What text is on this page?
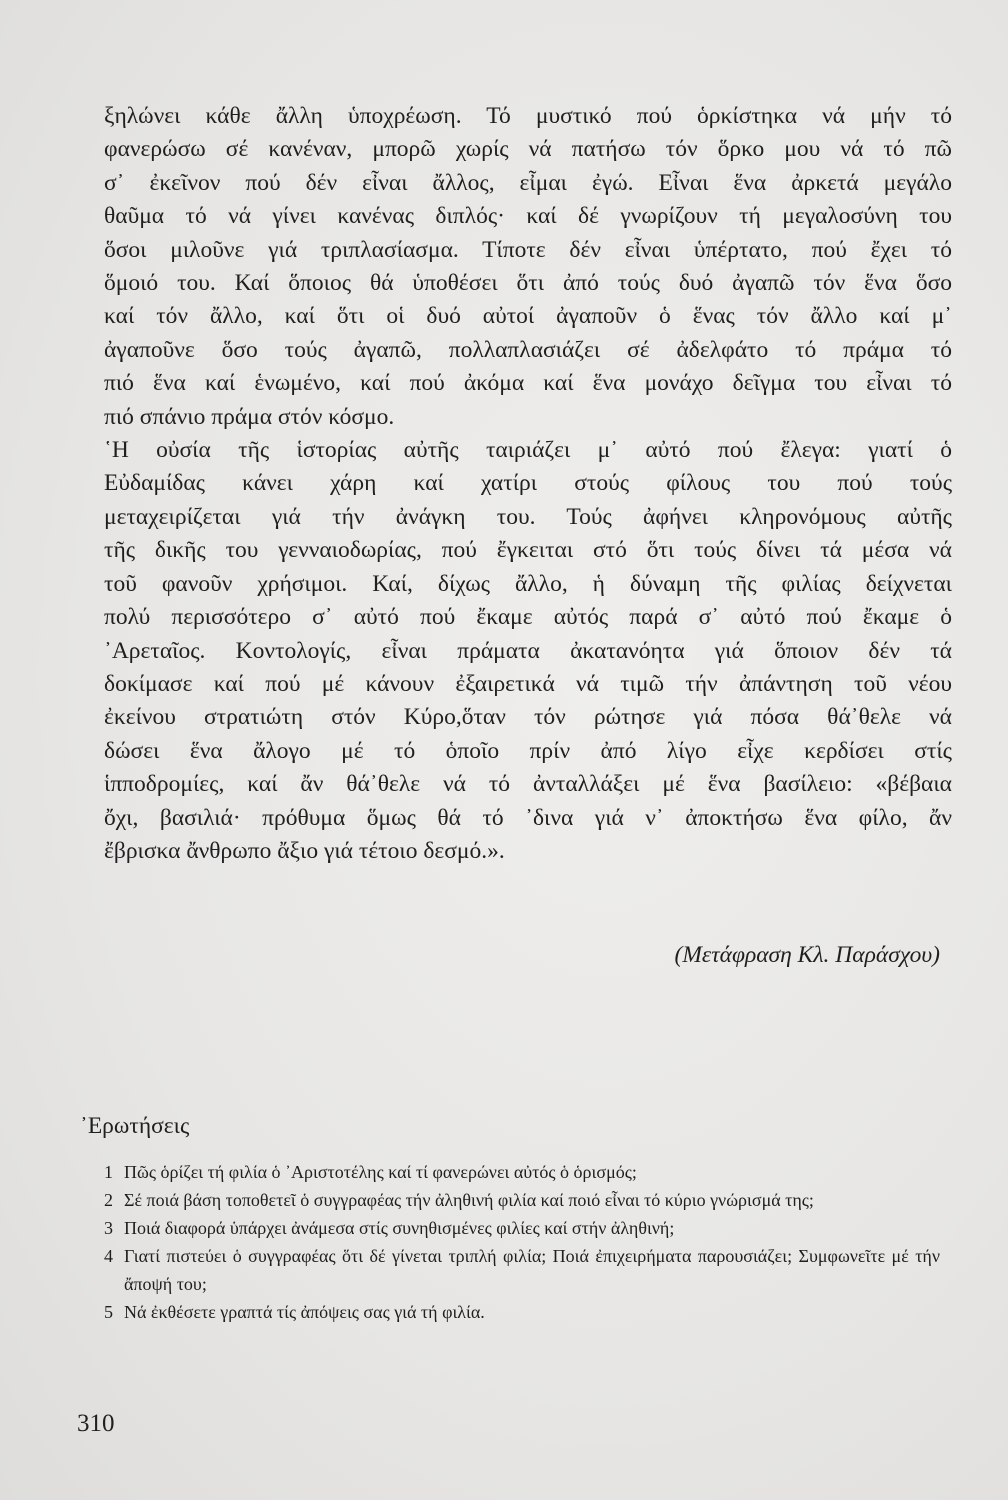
ξηλώνει κάθε ἄλλη ὑποχρέωση. Τό μυστικό πού ὁρκίστηκα νά μήν τό
φανερώσω σέ κανέναν, μπορῶ χωρίς νά πατήσω τόν ὅρκο μου νά τό πῶ
σ᾿ ἐκεῖνον πού δέν εἶναι ἄλλος, εἶμαι ἐγώ. Εἶναι ἕνα ἀρκετά μεγάλο
θαῦμα τό νά γίνει κανένας διπλός· καί δέ γνωρίζουν τή μεγαλοσύνη του
ὅσοι μιλοῦνε γιά τριπλασίασμα. Τίποτε δέν εἶναι ὑπέρτατο, πού ἔχει τό
ὅμοιό του. Καί ὅποιος θά ὑποθέσει ὅτι ἀπό τούς δυό ἀγαπῶ τόν ἕνα ὅσο
καί τόν ἄλλο, καί ὅτι οἱ δυό αὐτοί ἀγαποῦν ὁ ἕνας τόν ἄλλο καί μ᾿
ἀγαποῦνε ὅσο τούς ἀγαπῶ, πολλαπλασιάζει σέ ἀδελφάτο τό πράμα τό
πιό ἕνα καί ἑνωμένο, καί πού ἀκόμα καί ἕνα μονάχο δεῖγμα του εἶναι τό
πιό σπάνιο πράμα στόν κόσμο.
῾Η οὐσία τῆς ἱστορίας αὐτῆς ταιριάζει μ᾿ αὐτό πού ἔλεγα: γιατί ὁ
Εὐδαμίδας κάνει χάρη καί χατίρι στούς φίλους του πού τούς
μεταχειρίζεται γιά τήν ἀνάγκη του. Τούς ἀφήνει κληρονόμους αὐτῆς
τῆς δικῆς του γενναιοδωρίας, πού ἔγκειται στό ὅτι τούς δίνει τά μέσα νά
τοῦ φανοῦν χρήσιμοι. Καί, δίχως ἄλλο, ἡ δύναμη τῆς φιλίας δείχνεται
πολύ περισσότερο σ᾿ αὐτό πού ἔκαμε αὐτός παρά σ᾿ αὐτό πού ἔκαμε ὁ
᾿Αρεταῖος. Κοντολογίς, εἶναι πράματα ἀκατανόητα γιά ὅποιον δέν τά
δοκίμασε καί πού μέ κάνουν ἐξαιρετικά νά τιμῶ τήν ἀπάντηση τοῦ νέου
ἐκείνου στρατιώτη στόν Κύρο,ὅταν τόν ρώτησε γιά πόσα θά᾿θελε νά
δώσει ἕνα ἄλογο μέ τό ὁποῖο πρίν ἀπό λίγο εἶχε κερδίσει στίς
ἱπποδρομίες, καί ἄν θά᾿θελε νά τό ἀνταλλάξει μέ ἕνα βασίλειο: «βέβαια
ὄχι, βασιλιά· πρόθυμα ὅμως θά τό ᾿δινα γιά ν᾿ ἀποκτήσω ἕνα φίλο, ἄν
ἔβρισκα ἄνθρωπο ἄξιο γιά τέτοιο δεσμό.».
(Μετάφραση Κλ. Παράσχου)
᾿Ερωτήσεις
1 Πῶς ὁρίζει τή φιλία ὁ ᾿Αριστοτέλης καί τί φανερώνει αὐτός ὁ ὁρισμός;
2 Σέ ποιά βάση τοποθετεῖ ὁ συγγραφέας τήν ἀληθινή φιλία καί ποιό εἶναι τό κύριο γνώρισμά της;
3 Ποιά διαφορά ὑπάρχει ἀνάμεσα στίς συνηθισμένες φιλίες καί στήν ἀληθινή;
4 Γιατί πιστεύει ὁ συγγραφέας ὅτι δέ γίνεται τριπλή φιλία; Ποιά ἐπιχειρήματα παρουσιάζει; Συμφωνεῖτε μέ τήν ἄποψή του;
5 Νά ἐκθέσετε γραπτά τίς ἀπόψεις σας γιά τή φιλία.
310
